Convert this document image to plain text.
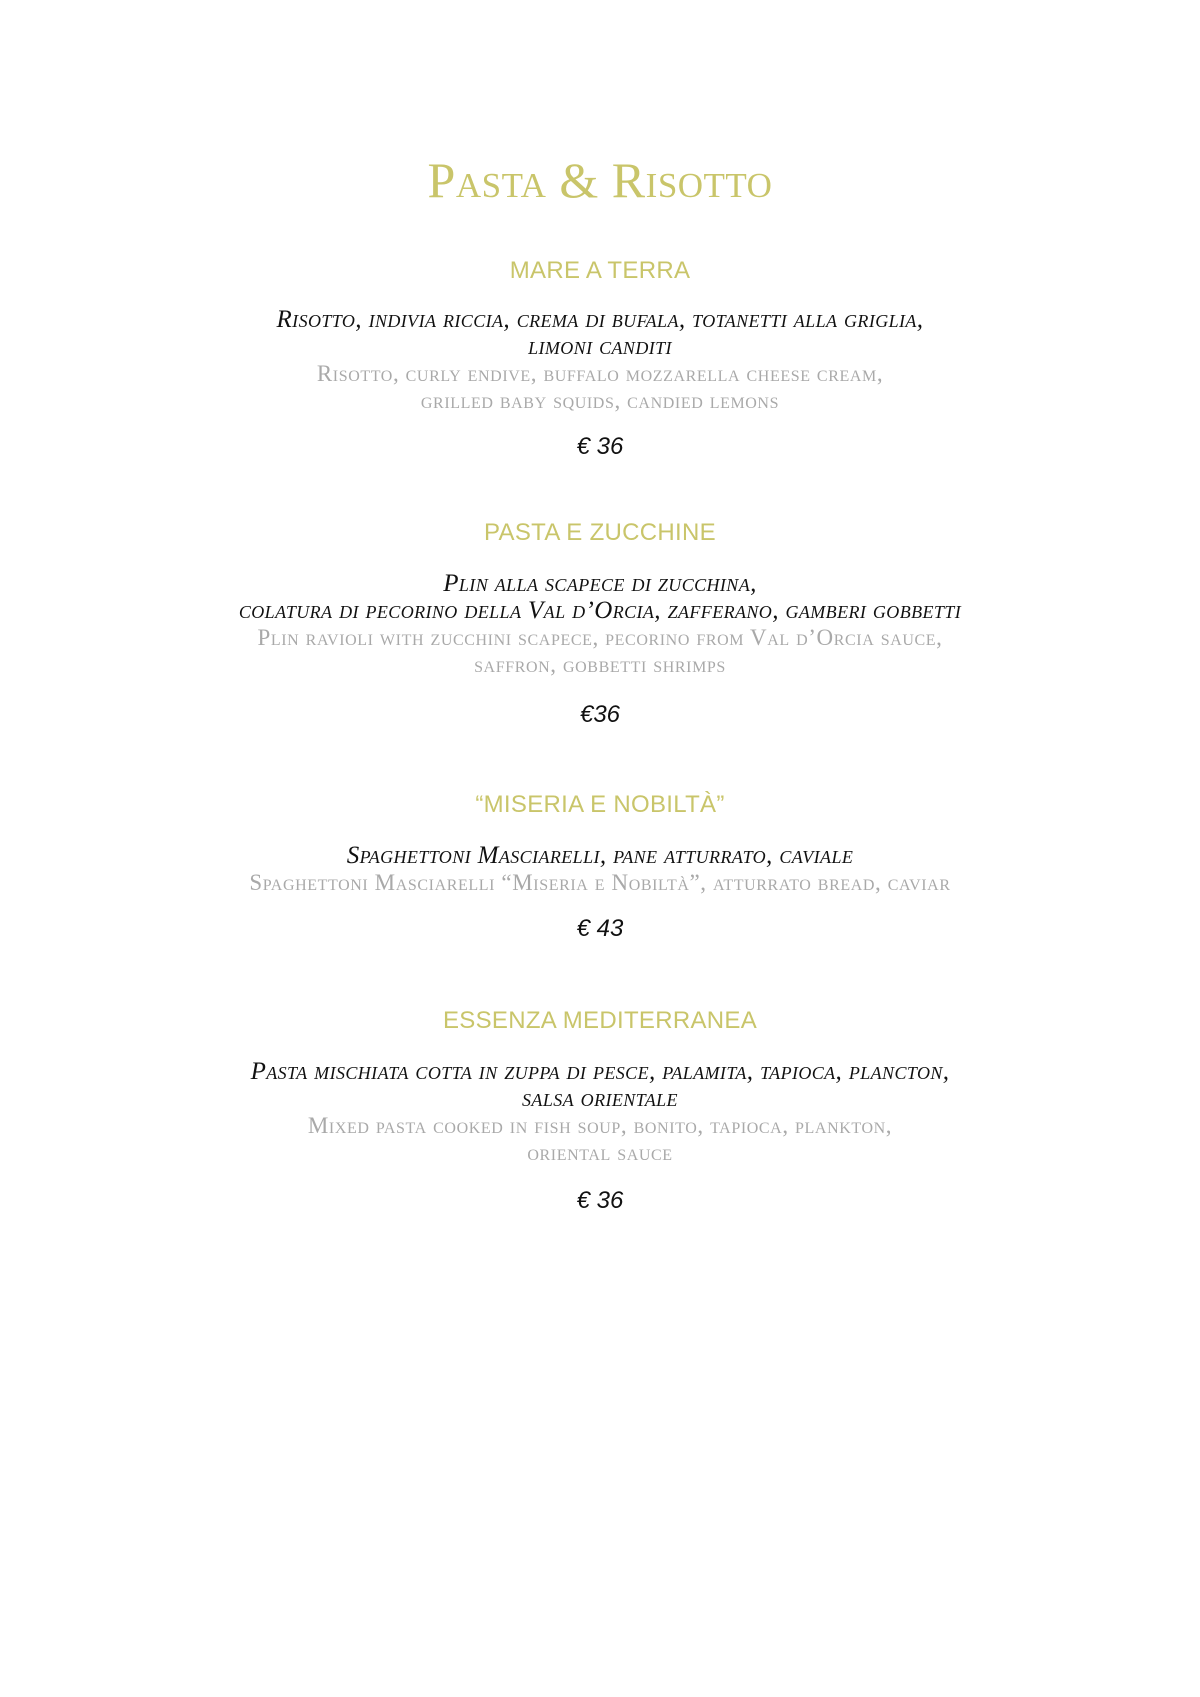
Pasta & Risotto
MARE A TERRA
Risotto, indivia riccia, crema di bufala, totanetti alla griglia,
limoni canditi
Risotto, curly endive, buffalo mozzarella cheese cream,
grilled baby squids, candied lemons
€ 36
PASTA E ZUCCHINE
Plin alla scapece di zucchina,
colatura di pecorino della Val d’Orcia, zafferano, gamberi gobbetti
Plin ravioli with zucchini scapece, pecorino from Val d’Orcia sauce,
saffron, gobbetti shrimps
€36
“MISERIA E NOBILTÀ”
Spaghettoni Masciarelli, pane atturrato, caviale
Spaghettoni Masciarelli “Miseria e Nobiltà”, atturrato bread, caviar
€ 43
ESSENZA MEDITERRANEA
Pasta mischiata cotta in zuppa di pesce, palamita, tapioca, plancton,
salsa orientale
Mixed pasta cooked in fish soup, bonito, tapioca, plankton,
oriental sauce
€ 36
